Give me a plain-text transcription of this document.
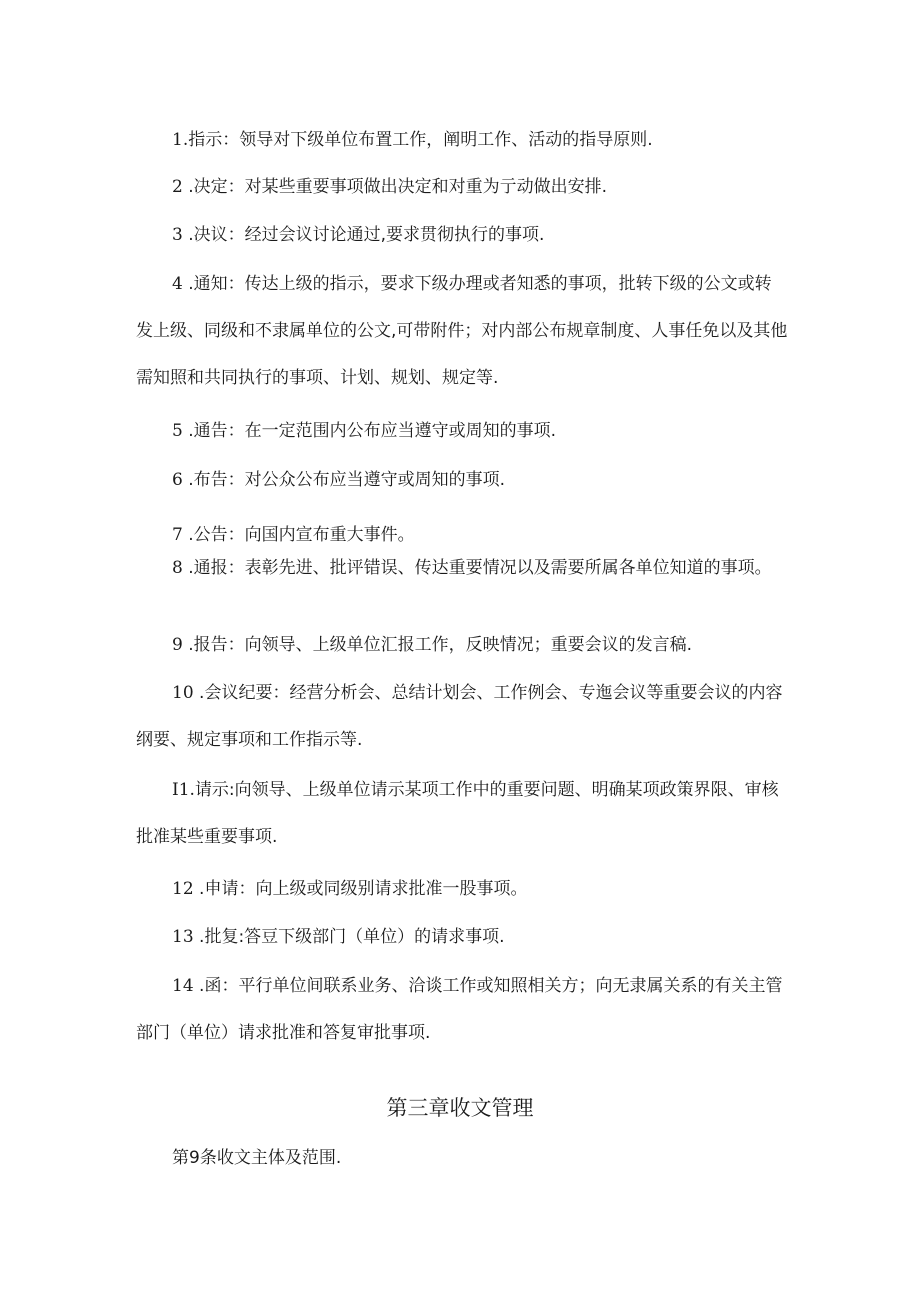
1.指示：领导对下级单位布置工作，阐明工作、活动的指导原则.

2 .决定：对某些重要事项做出决定和对重为亍动做出安排.

3 .决议：经过会议讨论通过,要求贯彻执行的事项.

4 .通知：传达上级的指示，要求下级办理或者知悉的事项，批转下级的公文或转发上级、同级和不隶属单位的公文,可带附件；对内部公布规章制度、人事任免以及其他需知照和共同执行的事项、计划、规划、规定等.

5 .通告：在一定范围内公布应当遵守或周知的事项.

6 .布告：对公众公布应当遵守或周知的事项.

7 .公告：向国内宣布重大事件。

8 .通报：表彰先进、批评错误、传达重要情况以及需要所属各单位知道的事项。

9 .报告：向领导、上级单位汇报工作，反映情况；重要会议的发言稿.

10 .会议纪要：经营分析会、总结计划会、工作例会、专迤会议等重要会议的内容纲要、规定事项和工作指示等.

I1.请示:向领导、上级单位请示某项工作中的重要问题、明确某项政策界限、审核批准某些重要事项.

12 .申请：向上级或同级别请求批准一股事项。

13 .批复:答豆下级部门（单位）的请求事项.

14 .函：平行单位间联系业务、洽谈工作或知照相关方；向无隶属关系的有关主管部门（单位）请求批准和答复审批事项.

第三章收文管理

第9条收文主体及范围.
